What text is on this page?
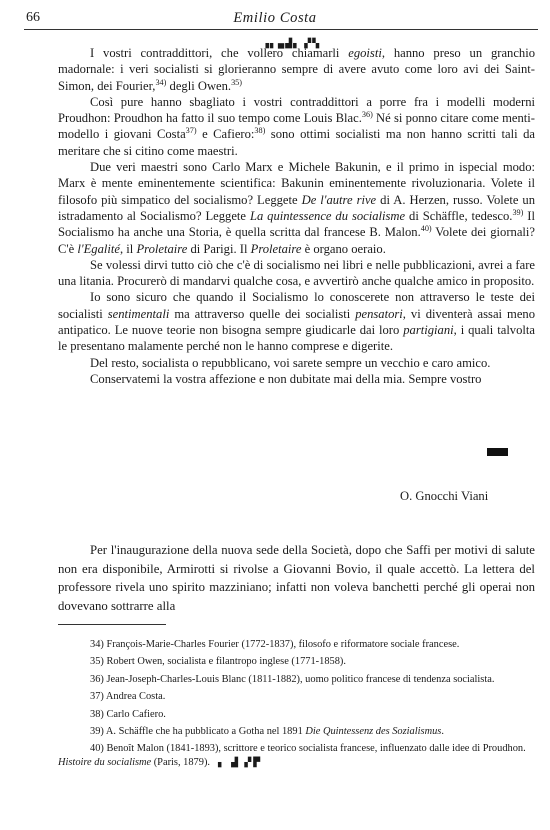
66	Emilio Costa
▗▖▄▟▖ ▞▚

I vostri contraddittori, che vollero chiamarli egoisti, hanno preso un granchio madornale: i veri socialisti si glorieranno sempre di avere avuto come loro avi dei Saint-Simon, dei Fourier,$^{34)}$ degli Owen.$^{35)}$

Così pure hanno sbagliato i vostri contraddittori a porre fra i modelli moderni Proudhon: Proudhon ha fatto il suo tempo come Louis Blac.$^{36)}$ Né si ponno citare come menti-modello i giovani Costa$^{37)}$ e Cafiero:$^{38)}$ sono ottimi socialisti ma non hanno scritti tali da meritare che si citino come maestri.

Due veri maestri sono Carlo Marx e Michele Bakunin, e il primo in ispecial modo: Marx è mente eminentemente scientifica: Bakunin eminentemente rivoluzionaria. Volete il filosofo più simpatico del socialismo? Leggete De l'autre rive di A. Herzen, russo. Volete un istradamento al Socialismo? Leggete La quintessence du socialisme di Schäffle, tedesco.$^{39)}$ Il Socialismo ha anche una Storia, è quella scritta dal francese B. Malon.$^{40)}$ Volete dei giornali? C'è l'Egalité, il Proletaire di Parigi. Il Proletaire è organo oeraio.

Se volessi dirvi tutto ciò che c'è di socialismo nei libri e nelle pubblicazioni, avrei a fare una litania. Procurerò di mandarvi qualche cosa, e avvertirò anche qualche amico in proposito.

Io sono sicuro che quando il Socialismo lo conoscerete non attraverso le teste dei socialisti sentimentali ma attraverso quelle dei socialisti pensatori, vi diventerà assai meno antipatico. Le nuove teorie non bisogna sempre giudicarle dai loro partigiani, i quali talvolta le presentano malamente perché non le hanno comprese e digerite.

Del resto, socialista o repubblicano, voi sarete sempre un vecchio e caro amico.

Conservatemi la vostra affezione e non dubitate mai della mia. Sempre vostro

O. Gnocchi Viani

Per l'inaugurazione della nuova sede della Società, dopo che Saffi per motivi di salute non era disponibile, Armirotti si rivolse a Giovanni Bovio, il quale accettò. La lettera del professore rivela uno spirito mazziniano; infatti non voleva banchetti perché gli operai non dovevano sottrarre alla

34) François-Marie-Charles Fourier (1772-1837), filosofo e riformatore sociale francese.
35) Robert Owen, socialista e filantropo inglese (1771-1858).
36) Jean-Joseph-Charles-Louis Blanc (1811-1882), uomo politico francese di tendenza socialista.
37) Andrea Costa.
38) Carlo Cafiero.
39) A. Schäffle che ha pubblicato a Gotha nel 1891 Die Quintessenz des Sozialismus.
40) Benoît Malon (1841-1893), scrittore e teorico socialista francese, influenzato dalle idee di Proudhon. Histoire du socialisme (Paris, 1879). ▖ ▟ ▞▛
